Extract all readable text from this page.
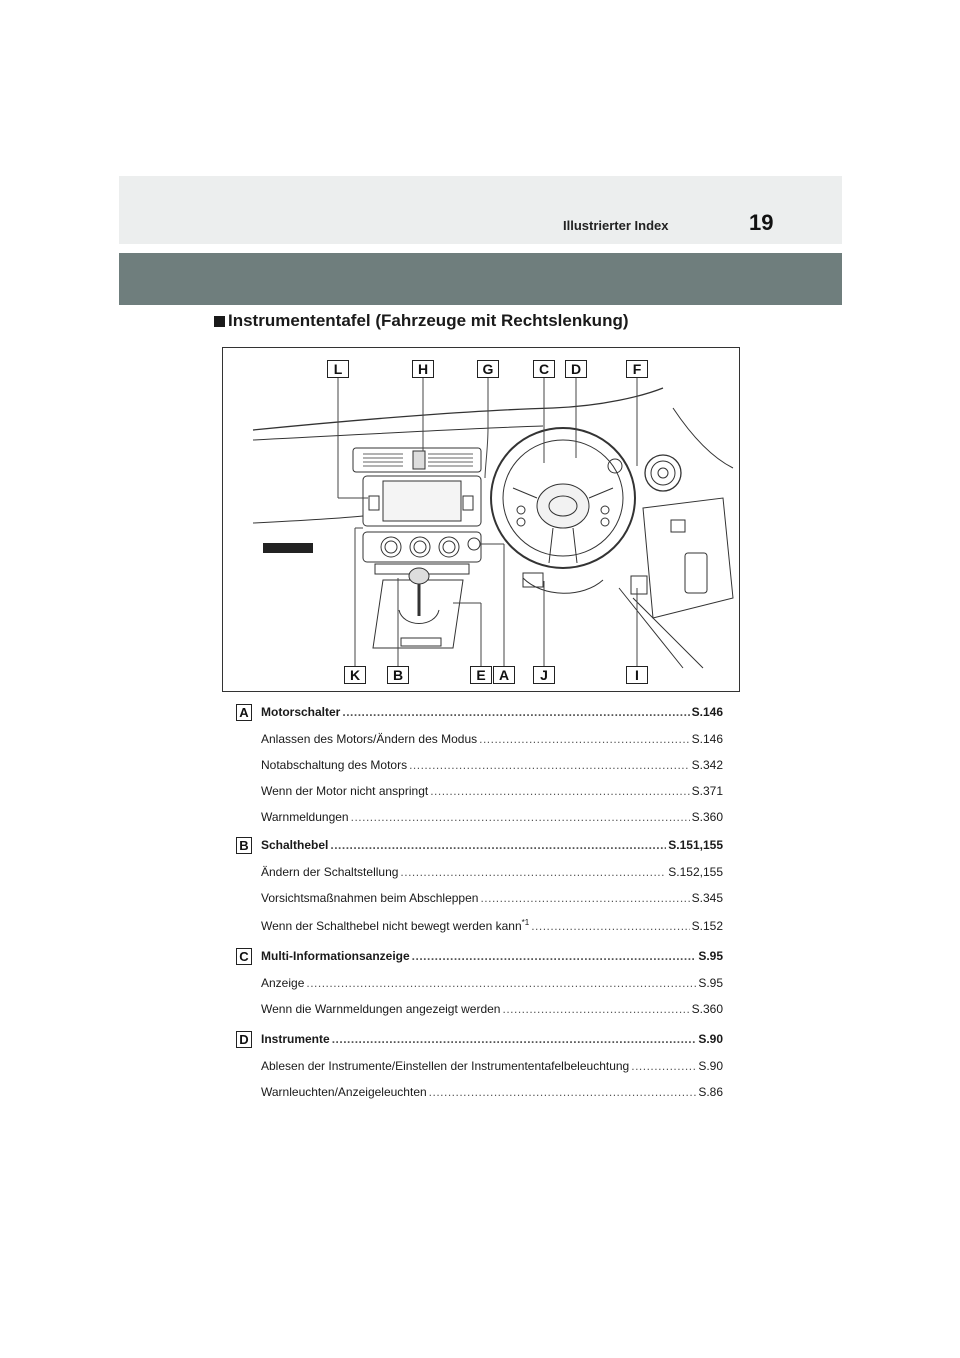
Illustrierter Index	19
Instrumententafel (Fahrzeuge mit Rechtslenkung)
L	H	G	C	D	F
K	B	E A	J	I
A Motorschalter .....	S.146
Anlassen des Motors/Ändern des Modus .....	S.146
Notabschaltung des Motors .....	S.342
Wenn der Motor nicht anspringt .....	S.371
Warnmeldungen .....	S.360
B Schalthebel .....	S.151,155
Ändern der Schaltstellung .....	S.152,155
Vorsichtsmaßnahmen beim Abschleppen .....	S.345
Wenn der Schalthebel nicht bewegt werden kann$^{*1}$ .....	S.152
C Multi-Informationsanzeige .....	S.95
Anzeige .....	S.95
Wenn die Warnmeldungen angezeigt werden .....	S.360
D Instrumente .....	S.90
Ablesen der Instrumente/Einstellen der Instrumententafelbeleuchtung .....	S.90
Warnleuchten/Anzeigeleuchten .....	S.86
